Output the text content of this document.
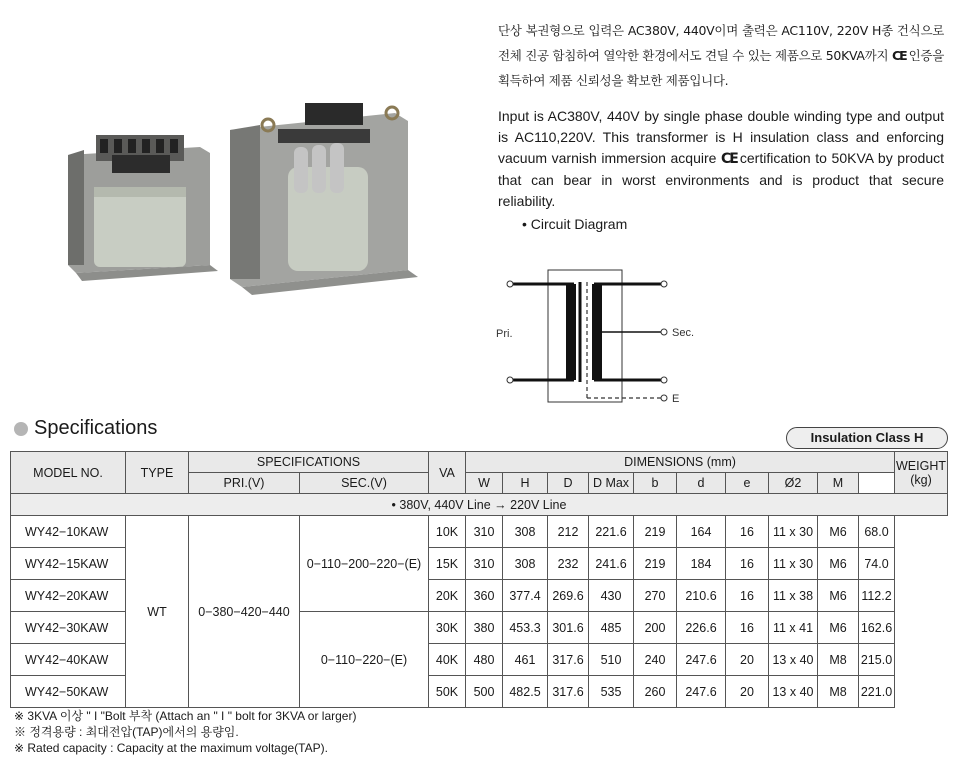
단상 복권형으로 입력은 AC380V, 440V이며 출력은 AC110V, 220V H종 건식으로 전체 진공 함침하여 열악한 환경에서도 견딜 수 있는 제품으로 50KVA까지 CE 인증을 획득하여 제품 신뢰성을 확보한 제품입니다.
Input is AC380V, 440V by single phase double winding type and output is AC110,220V. This transformer is H insulation class and enforcing vacuum varnish immersion acquire CE certification to 50KVA by product that can bear in worst environments and is product that secure reliability.
• Circuit Diagram
Pri.	Sec.
E
Specifications	Insulation Class H
MODEL NO.	TYPE	SPECIFICATIONS		VA	DIMENSIONS (mm)										WEIGHT
(kg)
		PRI.(V)	SEC.(V)		W	H	D	D Max	b	d	e	Ø2	M		
• 380V, 440V Line → 220V Line															
WY42−10KAW	WT	0−380−420−440	0−110−200−220−(E)	10K	310	308	212	221.6	219	164	16	11 x 30	M6	68.0	
WY42−15KAW				15K	310	308	232	241.6	219	184	16	11 x 30	M6	74.0	
WY42−20KAW				20K	360	377.4	269.6	430	270	210.6	16	11 x 38	M6	112.2	
WY42−30KAW			0−110−220−(E)	30K	380	453.3	301.6	485	200	226.6	16	11 x 41	M6	162.6	
WY42−40KAW				40K	480	461	317.6	510	240	247.6	20	13 x 40	M8	215.0	
WY42−50KAW				50K	500	482.5	317.6	535	260	247.6	20	13 x 40	M8	221.0	
※ 3KVA 이상 " I "Bolt 부착 (Attach an " I " bolt for 3KVA or larger)
※ 정격용량 : 최대전압(TAP)에서의 용량임.
※ Rated capacity : Capacity at the maximum voltage(TAP).
